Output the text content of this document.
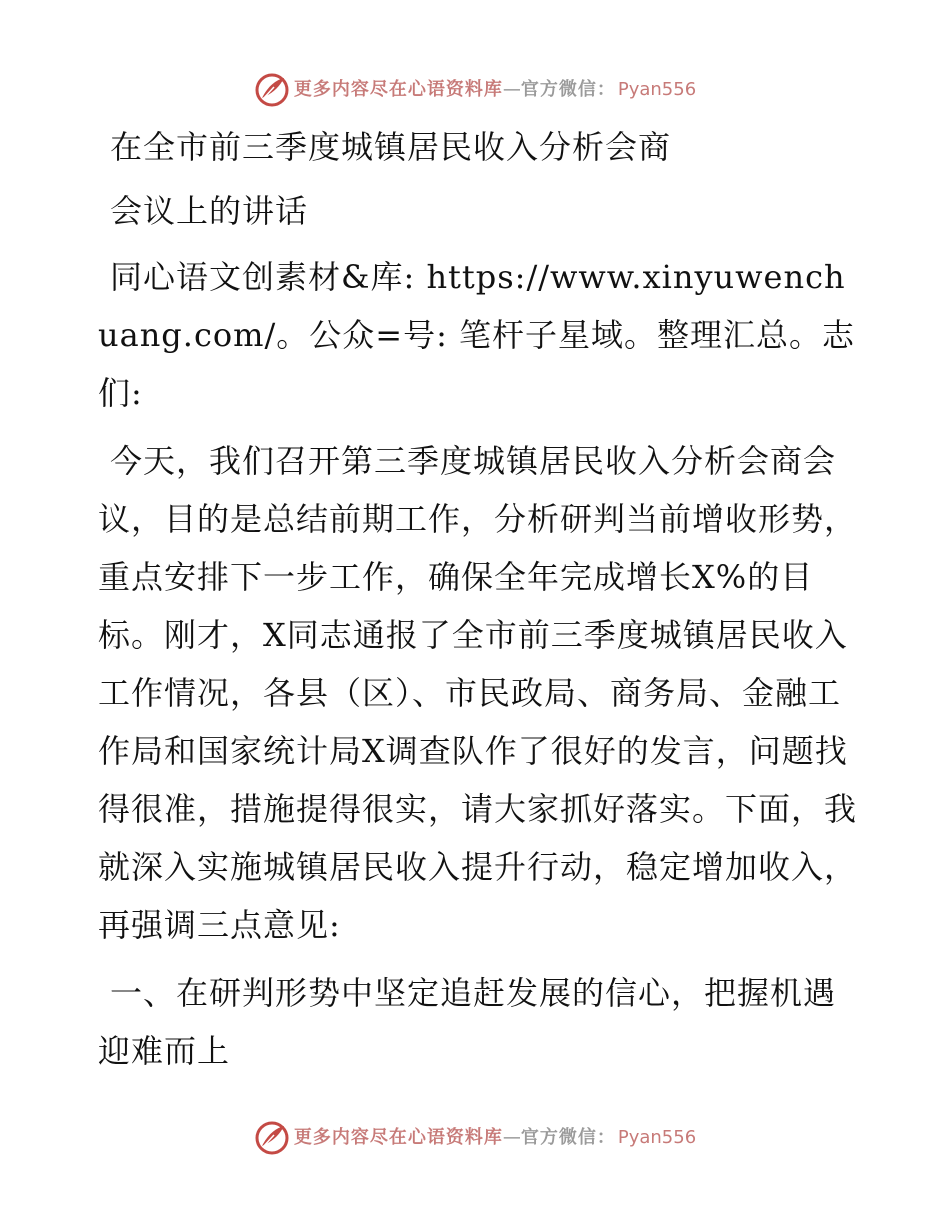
更多内容尽在心语资料库 — 官方微信： Pyan556

在全市前三季度城镇居民收入分析会商

会议上的讲话

同心语文创素材&库: https://www.xinyuwenchuang.com/。公众=号: 笔杆子星域。整理汇总。志们:

今天，我们召开第三季度城镇居民收入分析会商会议，目的是总结前期工作，分析研判当前增收形势，重点安排下一步工作，确保全年完成增长X%的目标。刚才，X同志通报了全市前三季度城镇居民收入工作情况，各县（区）、市民政局、商务局、金融工作局和国家统计局X调查队作了很好的发言，问题找得很准，措施提得很实，请大家抓好落实。下面，我就深入实施城镇居民收入提升行动，稳定增加收入，再强调三点意见:

一、在研判形势中坚定追赶发展的信心，把握机遇迎难而上

更多内容尽在心语资料库 — 官方微信： Pyan556
